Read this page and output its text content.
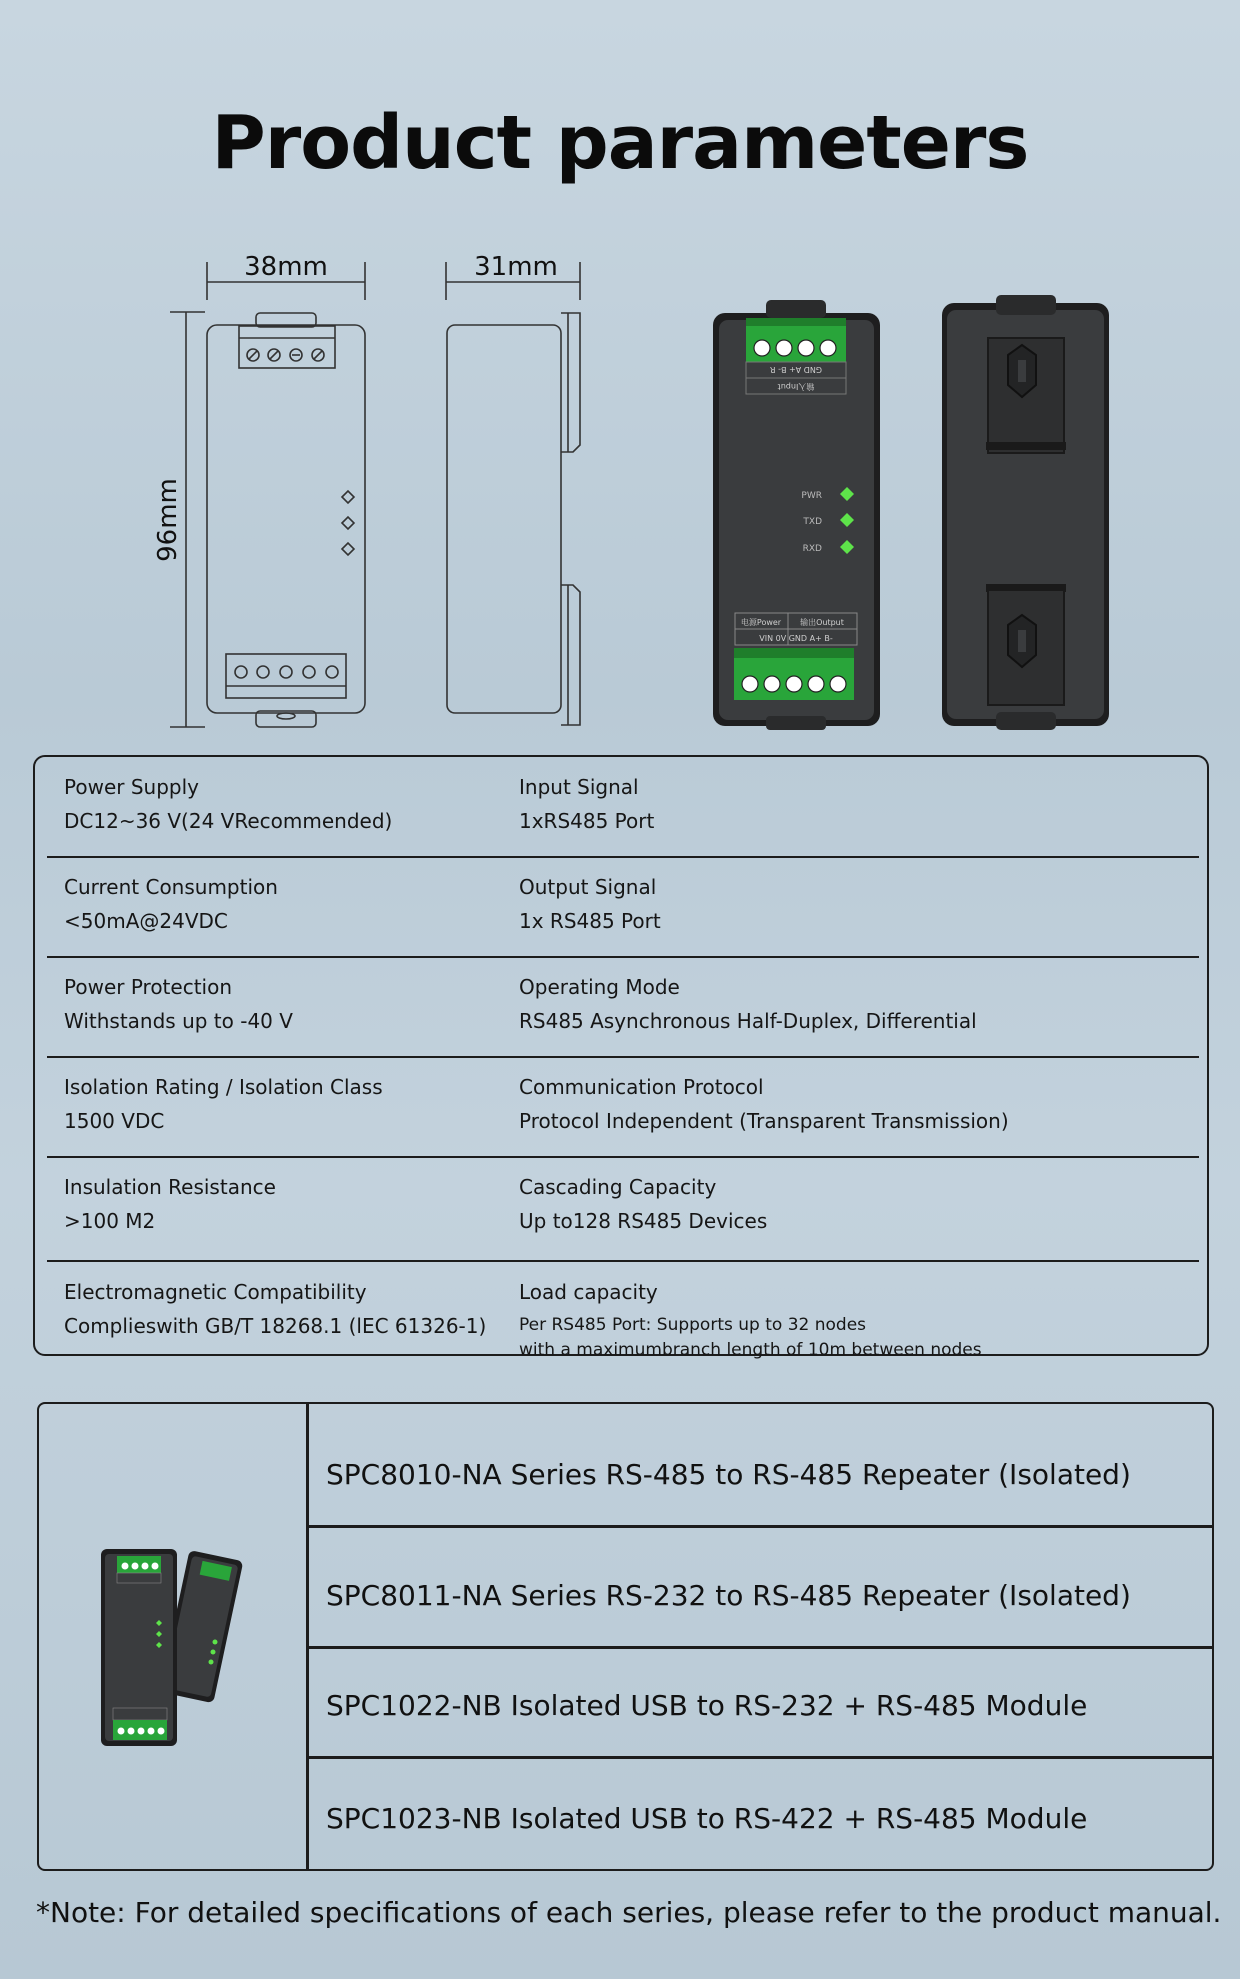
Product parameters
38mm
96mm
31mm
GND A+ B- R
输入Input
PWR
TXD
RXD
电源Power 输出Output
VIN 0V GND A+ B-
Power Supply
DC12~36 V(24 VRecommended)
Input Signal
1xRS485 Port
Current Consumption
<50mA@24VDC
Output Signal
1x RS485 Port
Power Protection
Withstands up to -40 V
Operating Mode
RS485 Asynchronous Half-Duplex, Differential
Isolation Rating / Isolation Class
1500 VDC
Communication Protocol
Protocol Independent (Transparent Transmission)
Insulation Resistance
>100 M2
Cascading Capacity
Up to128 RS485 Devices
Electromagnetic Compatibility
Complieswith GB/T 18268.1 (lEC 61326-1)
Load capacity
Per RS485 Port: Supports up to 32 nodes
with a maximumbranch length of 10m between nodes
SPC8010-NA Series RS-485 to RS-485 Repeater (Isolated)
SPC8011-NA Series RS-232 to RS-485 Repeater (Isolated)
SPC1022-NB Isolated USB to RS-232 + RS-485 Module
SPC1023-NB Isolated USB to RS-422 + RS-485 Module
*Note: For detailed specifications of each series, please refer to the product manual.
